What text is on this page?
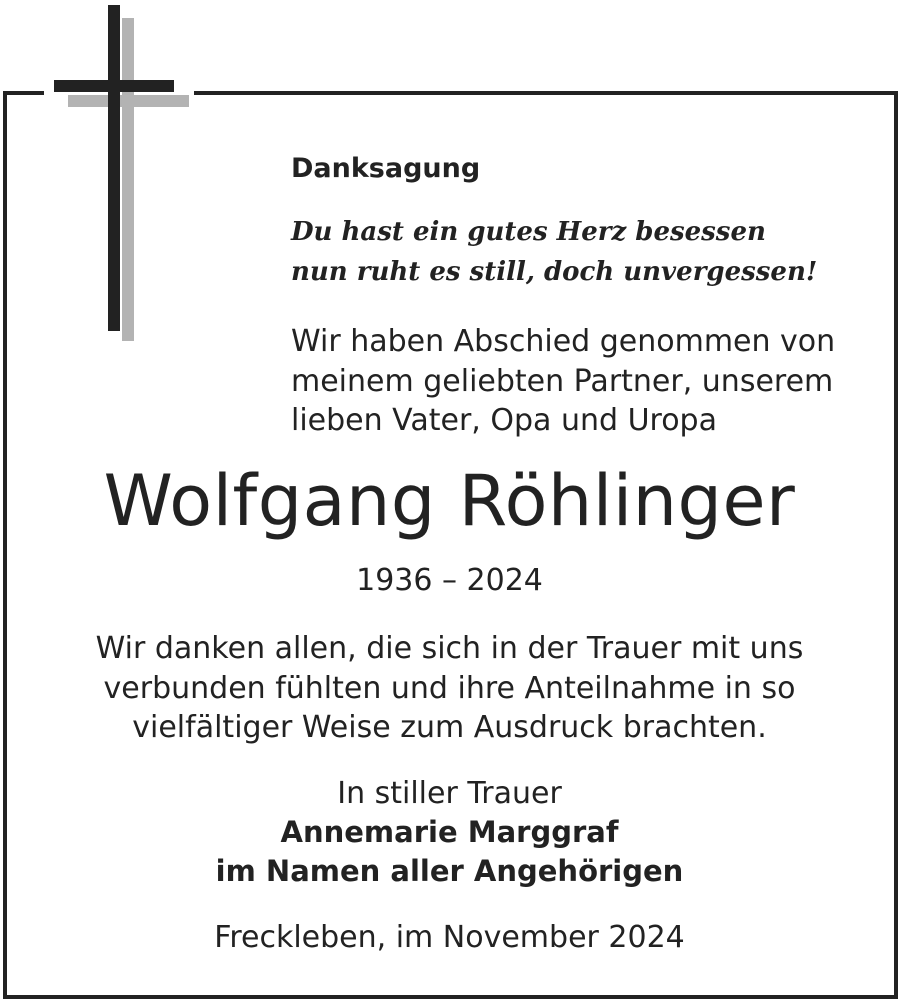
Danksagung

Du hast ein gutes Herz besessen

nun ruht es still, doch unvergessen!

Wir haben Abschied genommen von

meinem geliebten Partner, unserem

lieben Vater, Opa und Uropa

Wolfgang Röhlinger

1936 – 2024

Wir danken allen, die sich in der Trauer mit uns

verbunden fühlten und ihre Anteilnahme in so

vielfältiger Weise zum Ausdruck brachten.

In stiller Trauer

Annemarie Marggraf

im Namen aller Angehörigen

Freckleben, im November 2024
